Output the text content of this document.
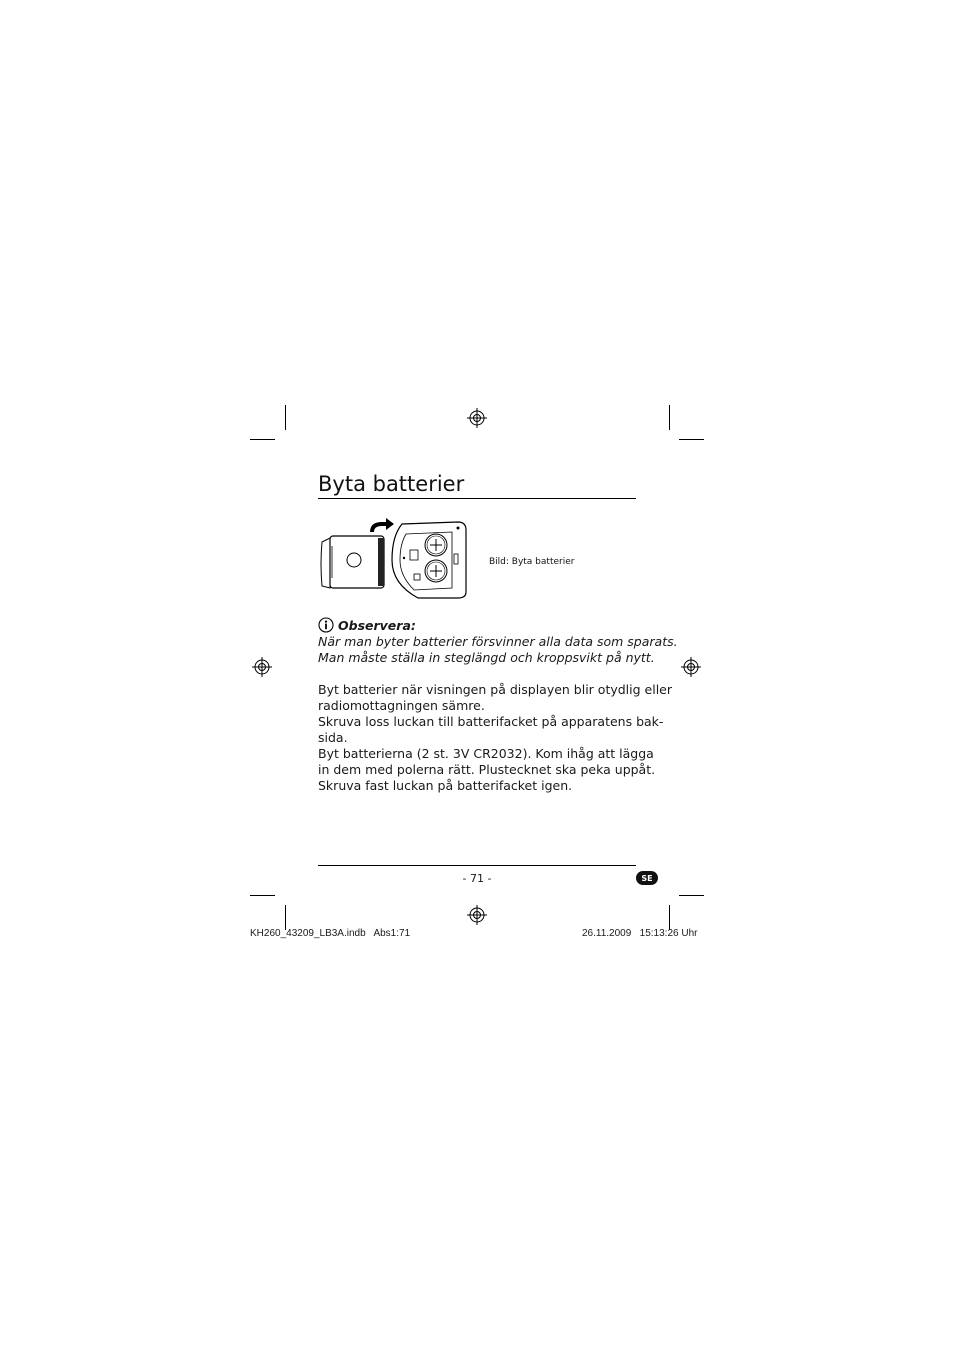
Byta batterier
Bild: Byta batterier
Observera:
När man byter batterier försvinner alla data som sparats.
Man måste ställa in steglängd och kroppsvikt på nytt.
Byt batterier när visningen på displayen blir otydlig eller
radiomottagningen sämre.
Skruva loss luckan till batterifacket på apparatens bak-
sida.
Byt batterierna (2 st. 3V CR2032). Kom ihåg att lägga
in dem med polerna rätt. Plustecknet ska peka uppåt.
Skruva fast luckan på batterifacket igen.
- 71 -	SE
KH260_43209_LB3A.indb   Abs1:71	26.11.2009   15:13:26 Uhr
